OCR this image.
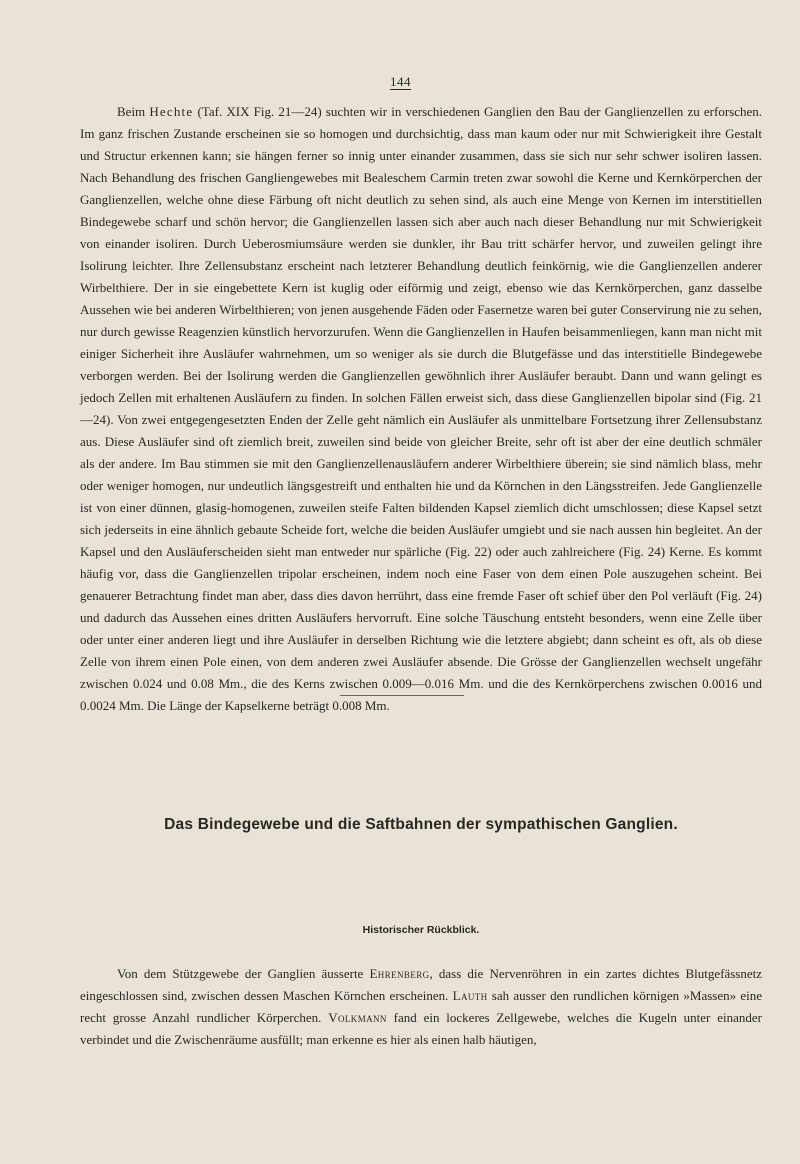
144

Beim Hechte (Taf. XIX Fig. 21—24) suchten wir in verschiedenen Ganglien den Bau der Ganglienzellen zu erforschen. Im ganz frischen Zustande erscheinen sie so homogen und durchsichtig, dass man kaum oder nur mit Schwierigkeit ihre Gestalt und Structur erkennen kann; sie hängen ferner so innig unter einander zusammen, dass sie sich nur sehr schwer isoliren lassen. Nach Behandlung des frischen Gangliengewebes mit Bealeschem Carmin treten zwar sowohl die Kerne und Kernkörperchen der Ganglienzellen, welche ohne diese Färbung oft nicht deutlich zu sehen sind, als auch eine Menge von Kernen im interstitiellen Bindegewebe scharf und schön hervor; die Ganglienzellen lassen sich aber auch nach dieser Behandlung nur mit Schwierigkeit von einander isoliren. Durch Ueberosmiumsäure werden sie dunkler, ihr Bau tritt schärfer hervor, und zuweilen gelingt ihre Isolirung leichter. Ihre Zellensubstanz erscheint nach letzterer Behandlung deutlich feinkörnig, wie die Ganglienzellen anderer Wirbelthiere. Der in sie eingebettete Kern ist kuglig oder eiförmig und zeigt, ebenso wie das Kernkörperchen, ganz dasselbe Aussehen wie bei anderen Wirbelthieren; von jenen ausgehende Fäden oder Fasernetze waren bei guter Conservirung nie zu sehen, nur durch gewisse Reagenzien künstlich hervorzurufen. Wenn die Ganglienzellen in Haufen beisammenliegen, kann man nicht mit einiger Sicherheit ihre Ausläufer wahrnehmen, um so weniger als sie durch die Blutgefässe und das interstitielle Bindegewebe verborgen werden. Bei der Isolirung werden die Ganglienzellen gewöhnlich ihrer Ausläufer beraubt. Dann und wann gelingt es jedoch Zellen mit erhaltenen Ausläufern zu finden. In solchen Fällen erweist sich, dass diese Ganglienzellen bipolar sind (Fig. 21—24). Von zwei entgegengesetzten Enden der Zelle geht nämlich ein Ausläufer als unmittelbare Fortsetzung ihrer Zellensubstanz aus. Diese Ausläufer sind oft ziemlich breit, zuweilen sind beide von gleicher Breite, sehr oft ist aber der eine deutlich schmäler als der andere. Im Bau stimmen sie mit den Ganglienzellenausläufern anderer Wirbelthiere überein; sie sind nämlich blass, mehr oder weniger homogen, nur undeutlich längsgestreift und enthalten hie und da Körnchen in den Längsstreifen. Jede Ganglienzelle ist von einer dünnen, glasig-homogenen, zuweilen steife Falten bildenden Kapsel ziemlich dicht umschlossen; diese Kapsel setzt sich jederseits in eine ähnlich gebaute Scheide fort, welche die beiden Ausläufer umgiebt und sie nach aussen hin begleitet. An der Kapsel und den Ausläuferscheiden sieht man entweder nur spärliche (Fig. 22) oder auch zahlreichere (Fig. 24) Kerne. Es kommt häufig vor, dass die Ganglienzellen tripolar erscheinen, indem noch eine Faser von dem einen Pole auszugehen scheint. Bei genauerer Betrachtung findet man aber, dass dies davon herrührt, dass eine fremde Faser oft schief über den Pol verläuft (Fig. 24) und dadurch das Aussehen eines dritten Ausläufers hervorruft. Eine solche Täuschung entsteht besonders, wenn eine Zelle über oder unter einer anderen liegt und ihre Ausläufer in derselben Richtung wie die letztere abgiebt; dann scheint es oft, als ob diese Zelle von ihrem einen Pole einen, von dem anderen zwei Ausläufer absende. Die Grösse der Ganglienzellen wechselt ungefähr zwischen 0.024 und 0.08 Mm., die des Kerns zwischen 0.009—0.016 Mm. und die des Kernkörperchens zwischen 0.0016 und 0.0024 Mm. Die Länge der Kapselkerne beträgt 0.008 Mm.

Das Bindegewebe und die Saftbahnen der sympathischen Ganglien.
Historischer Rückblick.

Von dem Stützgewebe der Ganglien äusserte Ehrenberg, dass die Nervenröhren in ein zartes dichtes Blutgefässnetz eingeschlossen sind, zwischen dessen Maschen Körnchen erscheinen. Lauth sah ausser den rundlichen körnigen »Massen» eine recht grosse Anzahl rundlicher Körperchen. Volkmann fand ein lockeres Zellgewebe, welches die Kugeln unter einander verbindet und die Zwischenräume ausfüllt; man erkenne es hier als einen halb häutigen,
